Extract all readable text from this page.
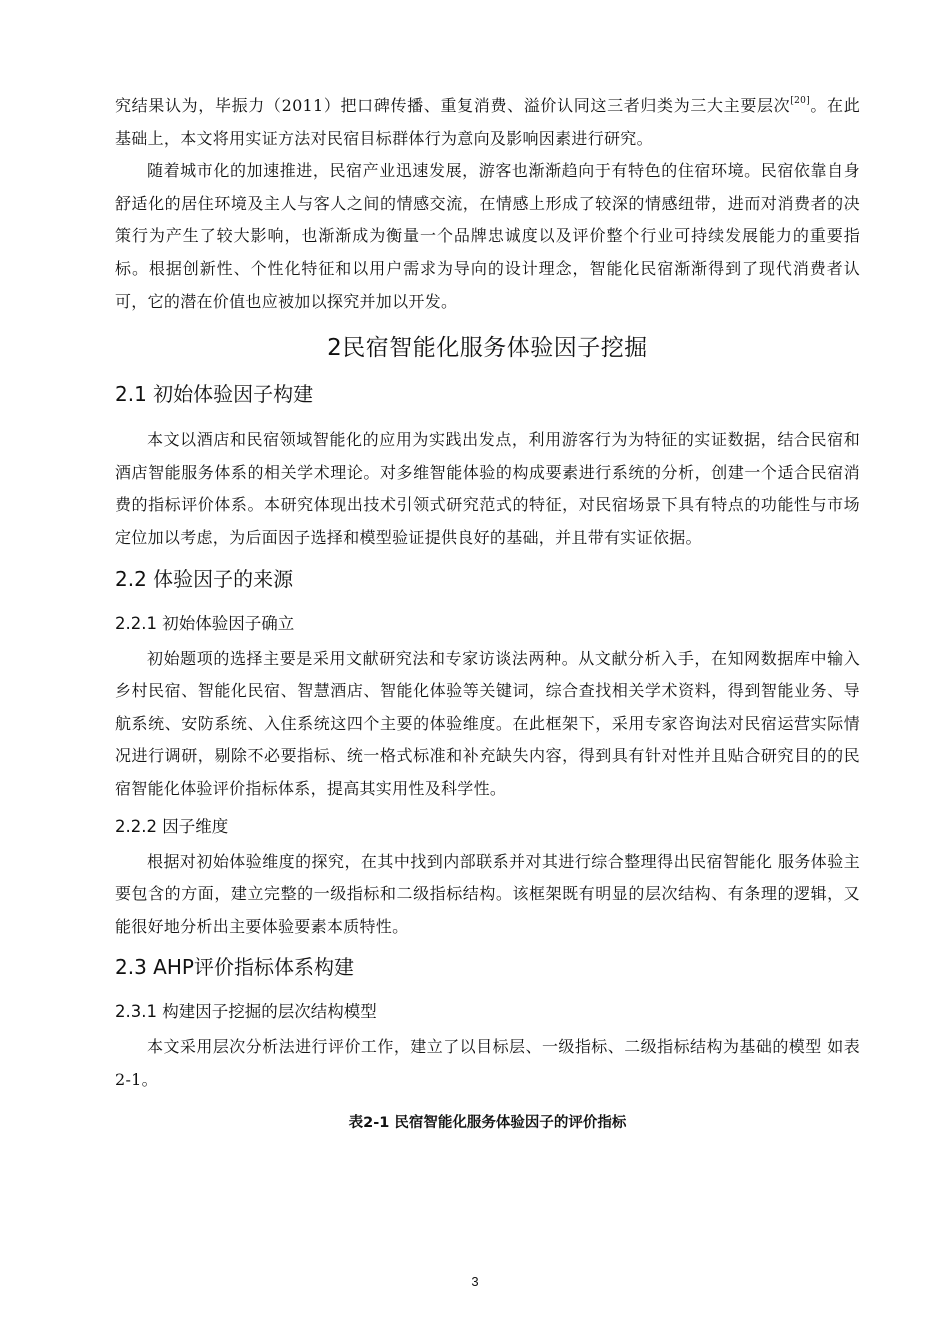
究结果认为，毕振力（2011）把口碑传播、重复消费、溢价认同这三者归类为三大主要层次[20]。在此基础上，本文将用实证方法对民宿目标群体行为意向及影响因素进行研究。

随着城市化的加速推进，民宿产业迅速发展，游客也渐渐趋向于有特色的住宿环境。民宿依靠自身舒适化的居住环境及主人与客人之间的情感交流，在情感上形成了较深的情感纽带，进而对消费者的决策行为产生了较大影响，也渐渐成为衡量一个品牌忠诚度以及评价整个行业可持续发展能力的重要指标。根据创新性、个性化特征和以用户需求为导向的设计理念，智能化民宿渐渐得到了现代消费者认可，它的潜在价值也应被加以探究并加以开发。

2民宿智能化服务体验因子挖掘
2.1 初始体验因子构建

本文以酒店和民宿领域智能化的应用为实践出发点，利用游客行为为特征的实证数据，结合民宿和酒店智能服务体系的相关学术理论。对多维智能体验的构成要素进行系统的分析，创建一个适合民宿消费的指标评价体系。本研究体现出技术引领式研究范式的特征，对民宿场景下具有特点的功能性与市场定位加以考虑，为后面因子选择和模型验证提供良好的基础，并且带有实证依据。

2.2 体验因子的来源
2.2.1 初始体验因子确立

初始题项的选择主要是采用文献研究法和专家访谈法两种。从文献分析入手，在知网数据库中输入乡村民宿、智能化民宿、智慧酒店、智能化体验等关键词，综合查找相关学术资料，得到智能业务、导航系统、安防系统、入住系统这四个主要的体验维度。在此框架下，采用专家咨询法对民宿运营实际情况进行调研，剔除不必要指标、统一格式标准和补充缺失内容，得到具有针对性并且贴合研究目的的民宿智能化体验评价指标体系，提高其实用性及科学性。

2.2.2 因子维度

根据对初始体验维度的探究，在其中找到内部联系并对其进行综合整理得出民宿智能化 服务体验主要包含的方面，建立完整的一级指标和二级指标结构。该框架既有明显的层次结构、有条理的逻辑，又能很好地分析出主要体验要素本质特性。

2.3 AHP评价指标体系构建
2.3.1 构建因子挖掘的层次结构模型

本文采用层次分析法进行评价工作，建立了以目标层、一级指标、二级指标结构为基础的模型 如表2-1。

表2-1 民宿智能化服务体验因子的评价指标
3
